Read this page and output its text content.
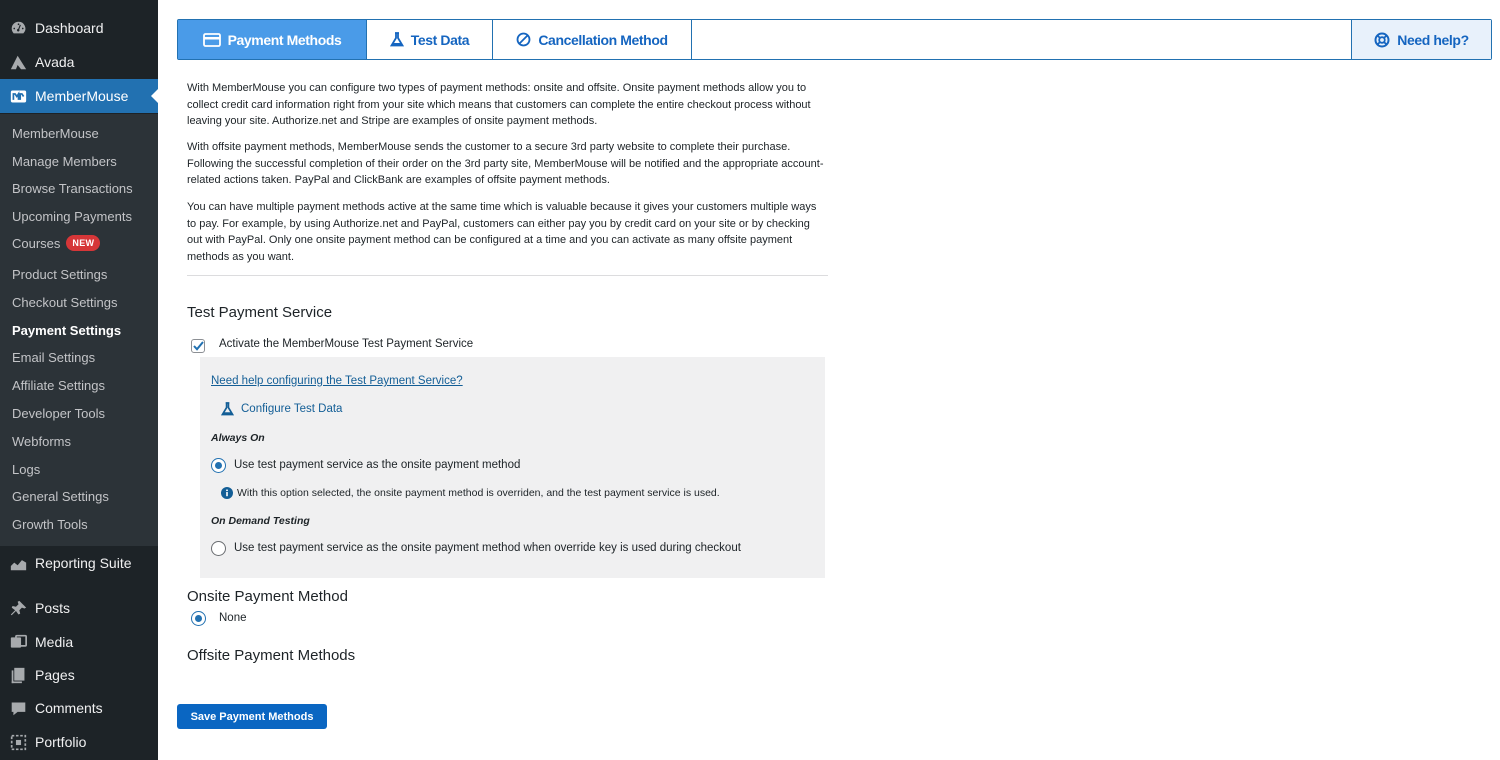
Dashboard
Avada
MemberMouse
MemberMouse
Manage Members
Browse Transactions
Upcoming Payments
Courses	NEW
Product Settings
Checkout Settings
Payment Settings
Email Settings
Affiliate Settings
Developer Tools
Webforms
Logs
General Settings
Growth Tools
Reporting Suite
Posts
Media
Pages
Comments
Portfolio
Payment Methods	Test Data	Cancellation Method	Need help?

With MemberMouse you can configure two types of payment methods: onsite and offsite. Onsite payment methods allow you to collect credit card information right from your site which means that customers can complete the entire checkout process without leaving your site. Authorize.net and Stripe are examples of onsite payment methods.

With offsite payment methods, MemberMouse sends the customer to a secure 3rd party website to complete their purchase. Following the successful completion of their order on the 3rd party site, MemberMouse will be notified and the appropriate account-related actions taken. PayPal and ClickBank are examples of offsite payment methods.

You can have multiple payment methods active at the same time which is valuable because it gives your customers multiple ways to pay. For example, by using Authorize.net and PayPal, customers can either pay you by credit card on your site or by checking out with PayPal. Only one onsite payment method can be configured at a time and you can activate as many offsite payment methods as you want.

Test Payment Service
Activate the MemberMouse Test Payment Service
Need help configuring the Test Payment Service?
Configure Test Data
Always On
Use test payment service as the onsite payment method
With this option selected, the onsite payment method is overriden, and the test payment service is used.
On Demand Testing
Use test payment service as the onsite payment method when override key is used during checkout
Onsite Payment Method
None
Offsite Payment Methods
Save Payment Methods
